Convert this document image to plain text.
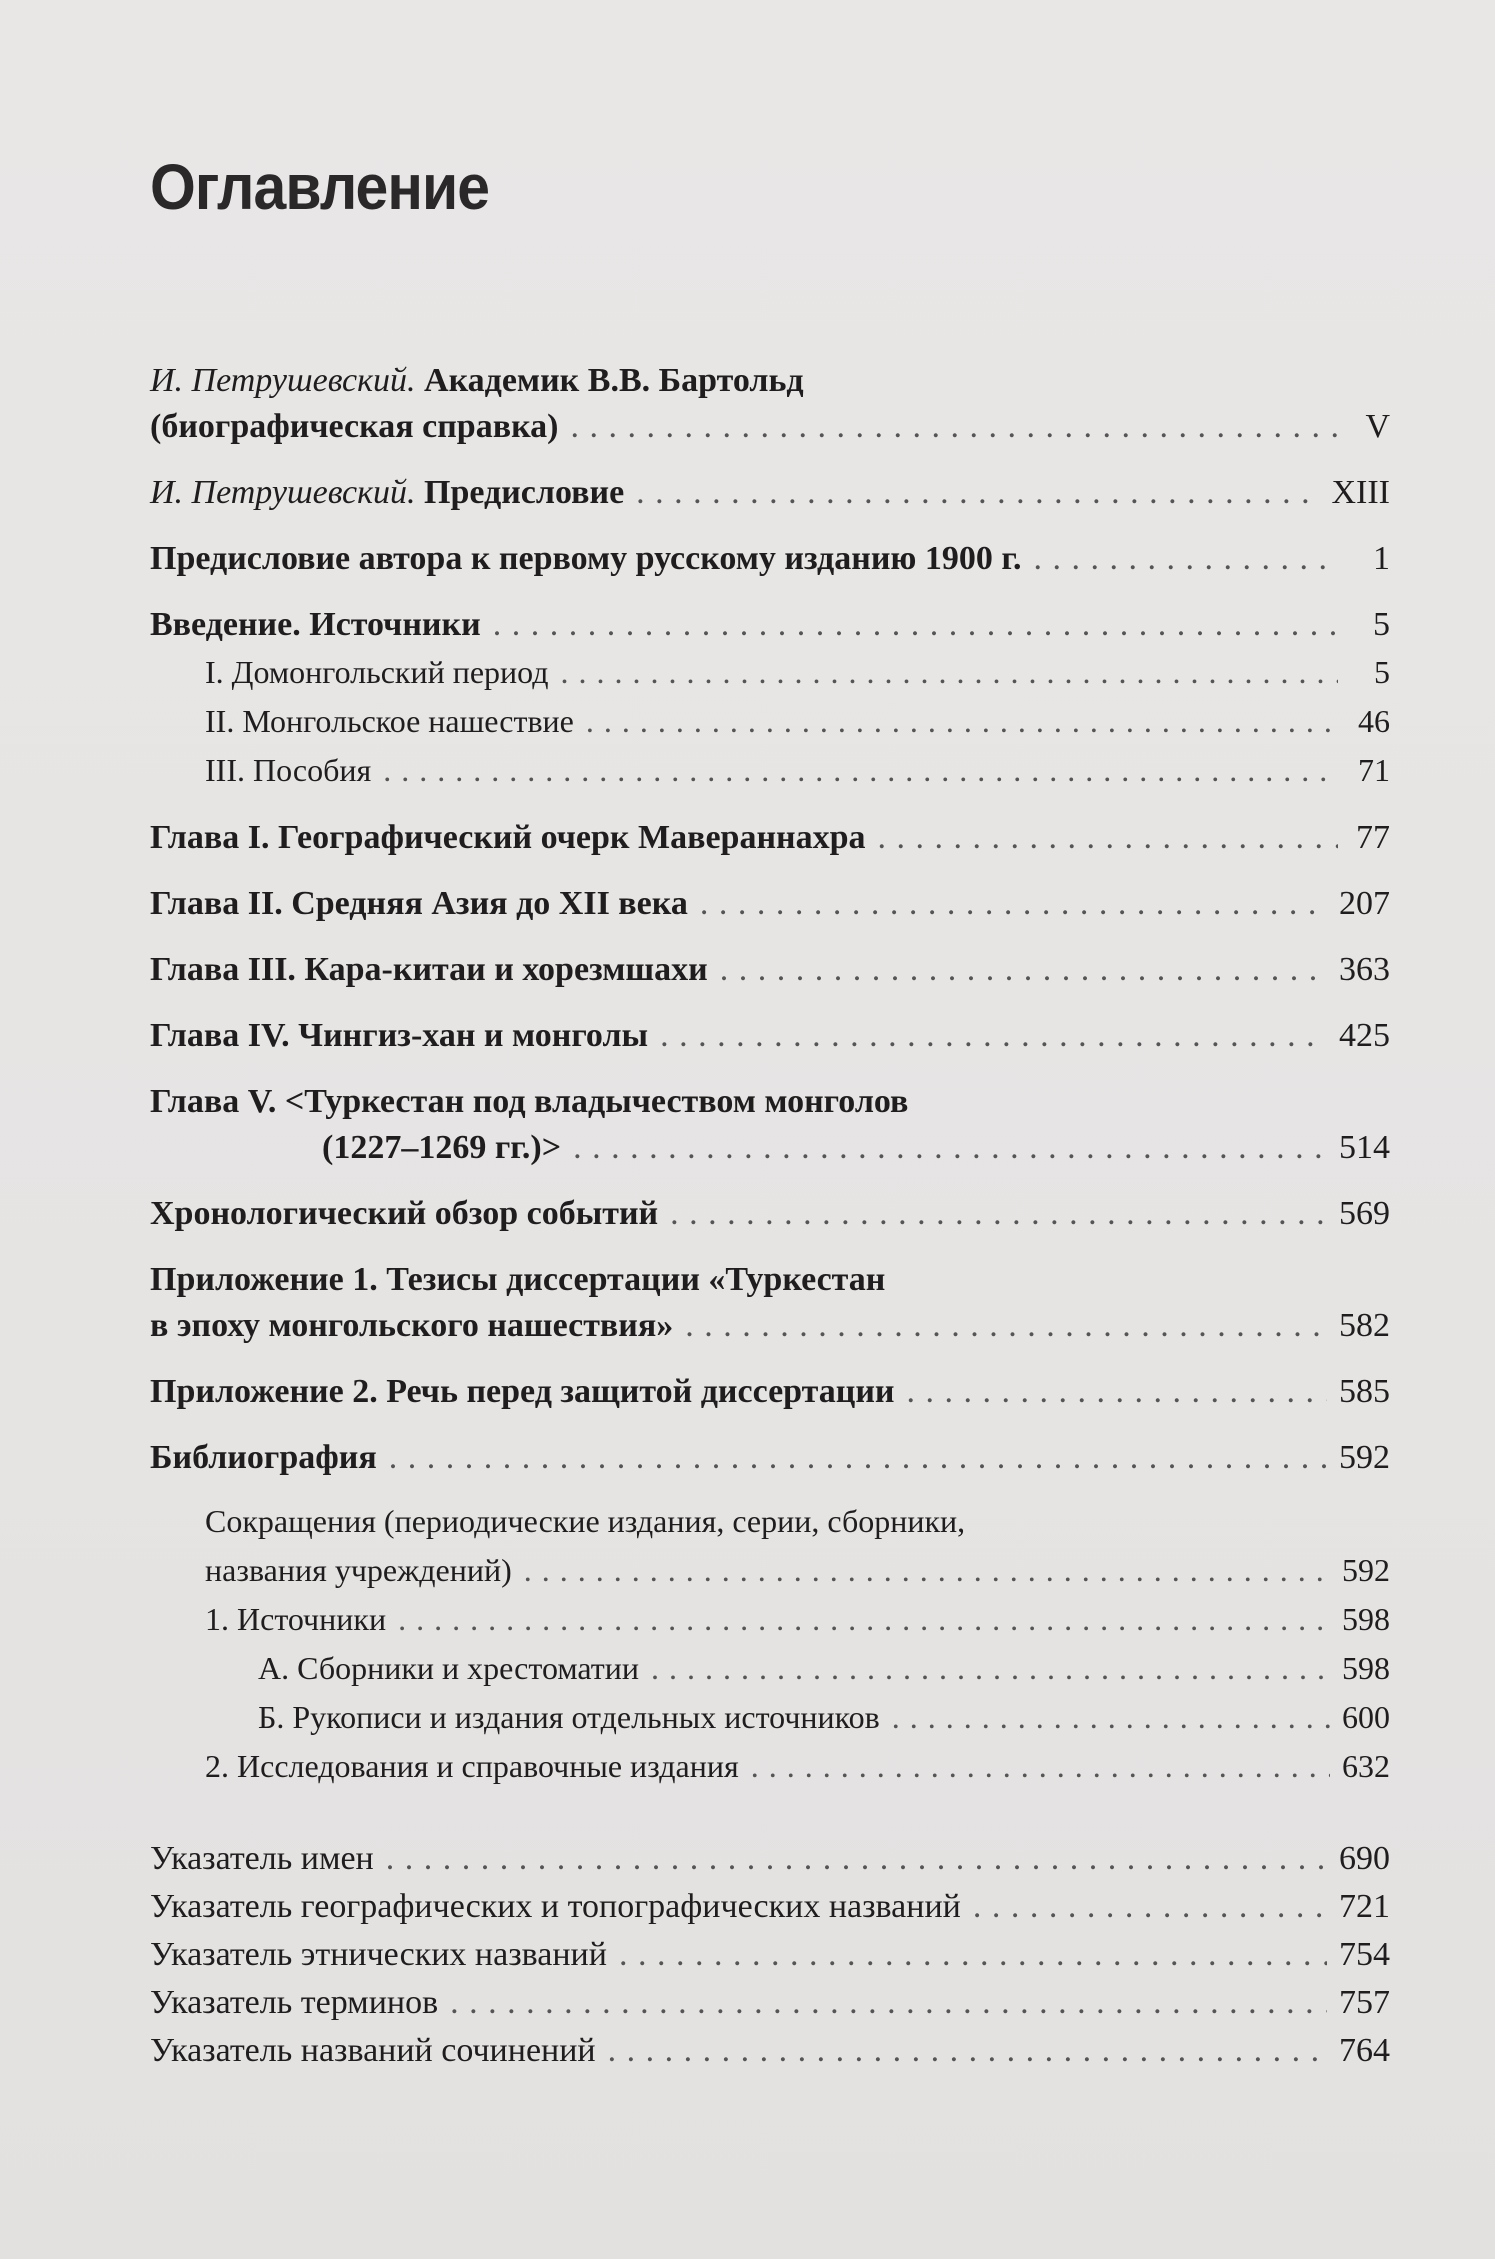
Оглавление
И. Петрушевский. Академик В.В. Бартольд
(биографическая справка) . . .	V
И. Петрушевский. Предисловие . . .	XIII
Предисловие автора к первому русскому изданию 1900 г. . . .	1
Введение. Источники . . .	5
I. Домонгольский период . . .	5
II. Монгольское нашествие . . .	46
III. Пособия . . .	71
Глава I. Географический очерк Мавераннахра . . .	77
Глава II. Средняя Азия до XII века . . .	207
Глава III. Кара-китаи и хорезмшахи . . .	363
Глава IV. Чингиз-хан и монголы . . .	425
Глава V. <Туркестан под владычеством монголов
(1227–1269 гг.)> . . .	514
Хронологический обзор событий . . .	569
Приложение 1. Тезисы диссертации «Туркестан
в эпоху монгольского нашествия» . . .	582
Приложение 2. Речь перед защитой диссертации . . .	585
Библиография . . .	592
Сокращения (периодические издания, серии, сборники,
названия учреждений) . . .	592
1. Источники . . .	598
А. Сборники и хрестоматии . . .	598
Б. Рукописи и издания отдельных источников . . .	600
2. Исследования и справочные издания . . .	632
Указатель имен . . .	690
Указатель географических и топографических названий . . .	721
Указатель этнических названий . . .	754
Указатель терминов . . .	757
Указатель названий сочинений . . .	764
